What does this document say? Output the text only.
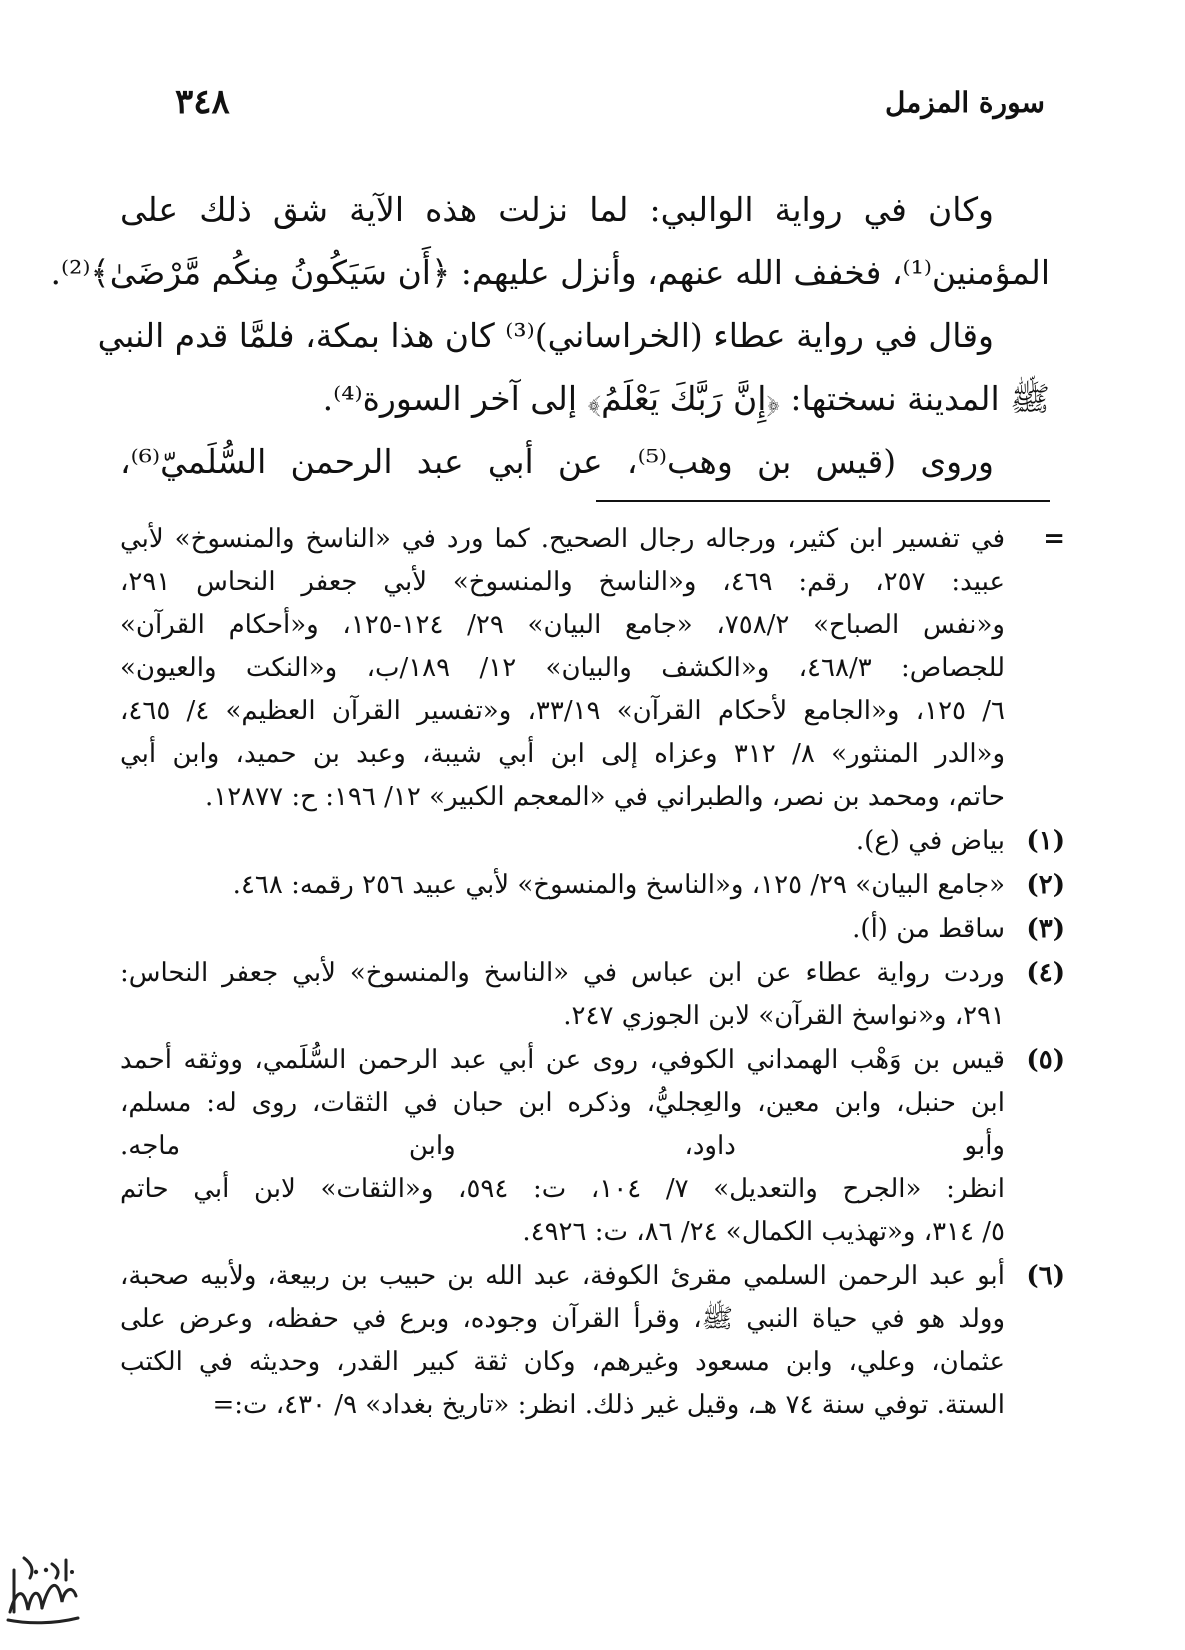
٣٤٨	سورة المزمل
وكان في رواية الوالبي: لما نزلت هذه الآية شق ذلك على
المؤمنين⁽¹⁾، فخفف الله عنهم، وأنزل عليهم: ﴿أَن سَيَكُونُ مِنكُم مَّرْضَىٰ﴾⁽²⁾.
وقال في رواية عطاء (الخراساني)⁽³⁾ كان هذا بمكة، فلمَّا قدم النبي
ﷺ المدينة نسختها: ﴿إِنَّ رَبَّكَ يَعْلَمُ﴾ إلى آخر السورة⁽⁴⁾.
وروى (قيس بن وهب⁽⁵⁾، عن أبي عبد الرحمن السُّلَميّ⁽⁶⁾،
=
في تفسير ابن كثير، ورجاله رجال الصحيح. كما ورد في «الناسخ والمنسوخ» لأبي
عبيد: ٢٥٧، رقم: ٤٦٩، و«الناسخ والمنسوخ» لأبي جعفر النحاس ٢٩١،
و«نفس الصباح» ٧٥٨/٢، «جامع البيان» ٢٩/ ١٢٤-١٢٥، و«أحكام القرآن»
للجصاص: ٤٦٨/٣، و«الكشف والبيان» ١٢/ ١٨٩/ب، و«النكت والعيون»
٦/ ١٢٥، و«الجامع لأحكام القرآن» ٣٣/١٩، و«تفسير القرآن العظيم» ٤/ ٤٦٥،
و«الدر المنثور» ٨/ ٣١٢ وعزاه إلى ابن أبي شيبة، وعبد بن حميد، وابن أبي
حاتم، ومحمد بن نصر، والطبراني في «المعجم الكبير» ١٢/ ١٩٦: ح: ١٢٨٧٧.
(١)
بياض في (ع).
(٢)
«جامع البيان» ٢٩/ ١٢٥، و«الناسخ والمنسوخ» لأبي عبيد ٢٥٦ رقمه: ٤٦٨.
(٣)
ساقط من (أ).
(٤)
وردت رواية عطاء عن ابن عباس في «الناسخ والمنسوخ» لأبي جعفر النحاس:
٢٩١، و«نواسخ القرآن» لابن الجوزي ٢٤٧.
(٥)
قيس بن وَهْب الهمداني الكوفي، روى عن أبي عبد الرحمن السُّلَمي، ووثقه أحمد
ابن حنبل، وابن معين، والعِجليُّ، وذكره ابن حبان في الثقات، روى له: مسلم،
وأبو داود، وابن ماجه.
انظر: «الجرح والتعديل» ٧/ ١٠٤، ت: ٥٩٤، و«الثقات» لابن أبي حاتم
٥/ ٣١٤، و«تهذيب الكمال» ٢٤/ ٨٦، ت: ٤٩٢٦.
(٦)
أبو عبد الرحمن السلمي مقرئ الكوفة، عبد الله بن حبيب بن ربيعة، ولأبيه صحبة،
وولد هو في حياة النبي ﷺ، وقرأ القرآن وجوده، وبرع في حفظه، وعرض على
عثمان، وعلي، وابن مسعود وغيرهم، وكان ثقة كبير القدر، وحديثه في الكتب
الستة. توفي سنة ٧٤ هـ، وقيل غير ذلك. انظر: «تاريخ بغداد» ٩/ ٤٣٠، ت:=
